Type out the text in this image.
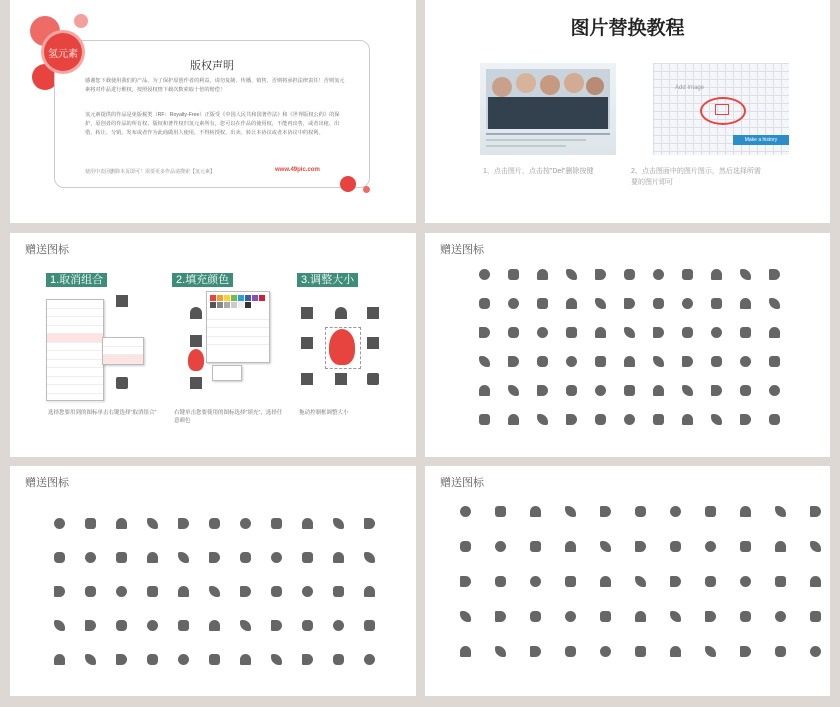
版权声明
感谢您下载使用我们的产品，为了保护原创作者的利益，请勿复制、传播、销售，否则将承担法律责任！否则氢元素将对作品进行维权，按照侵权情下载次数索取十倍的赔偿！
氢元素提供的作品是免版税类（RF：Royalty-Free）正版受《中国人民共和国著作法》和《世界版权公约》的保护，原创者的作品的所有权、版权和著作权归氢元素所有，您可以在作品的使用权，不能再出售，或者出租、出借、转让、分销、发布或者作为此商做用人使用，不得转授权、出卖、转让本协议或者本协议中的权利。
使用中表因删除本页即可！需要更多作品请搜索【氢元素】	www.49pic.com
氢元素
图片替换教程
Add Image
Make a history
1、点击图片，点击按"Del"删除按键	2、点击图面中的图片图示，然后选择所需要的图片即可
赠送图标
1.取消组合	2.填充颜色	3.调整大小
选择您要用到的图标单击右键选择"取消组合"	右键单击您要使用的图标选择"填充"，选择任意颜色
拖动控制框调整大小
赠送图标
赠送图标	赠送图标
